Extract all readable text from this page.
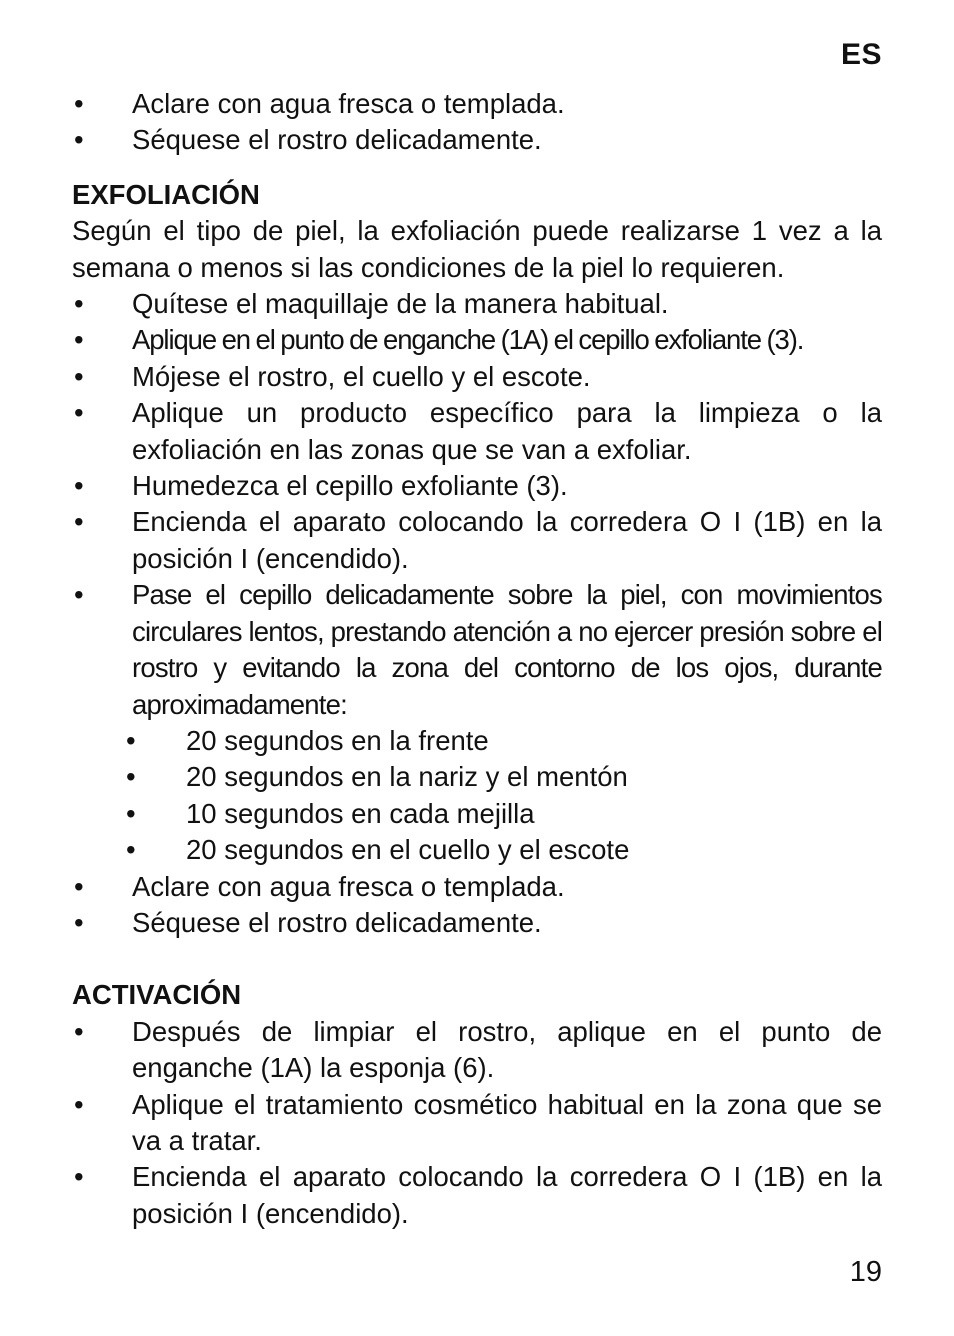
ES
•	Aclare con agua fresca o templada.
•	Séquese el rostro delicadamente.
EXFOLIACIÓN
Según el tipo de piel, la exfoliación puede realizarse 1 vez a la semana o menos si las condiciones de la piel lo requieren.
•	Quítese el maquillaje de la manera habitual.
•	Aplique en el punto de enganche (1A) el cepillo exfoliante (3).
•	Mójese el rostro, el cuello y el escote.
•	Aplique un producto específico para la limpieza o la exfoliación en las zonas que se van a exfoliar.
•	Humedezca el cepillo exfoliante (3).
•	Encienda el aparato colocando la corredera O I (1B) en la posición I (encendido).
•	Pase el cepillo delicadamente sobre la piel, con movimientos circulares lentos, prestando atención a no ejercer presión sobre el rostro y evitando la zona del contorno de los ojos, durante aproximadamente:
•	20 segundos en la frente
•	20 segundos en la nariz y el mentón
•	10 segundos en cada mejilla
•	20 segundos en el cuello y el escote
•	Aclare con agua fresca o templada.
•	Séquese el rostro delicadamente.
ACTIVACIÓN
•	Después de limpiar el rostro, aplique en el punto de enganche (1A) la esponja (6).
•	Aplique el tratamiento cosmético habitual en la zona que se va a tratar.
•	Encienda el aparato colocando la corredera O I (1B) en la posición I (encendido).
19
